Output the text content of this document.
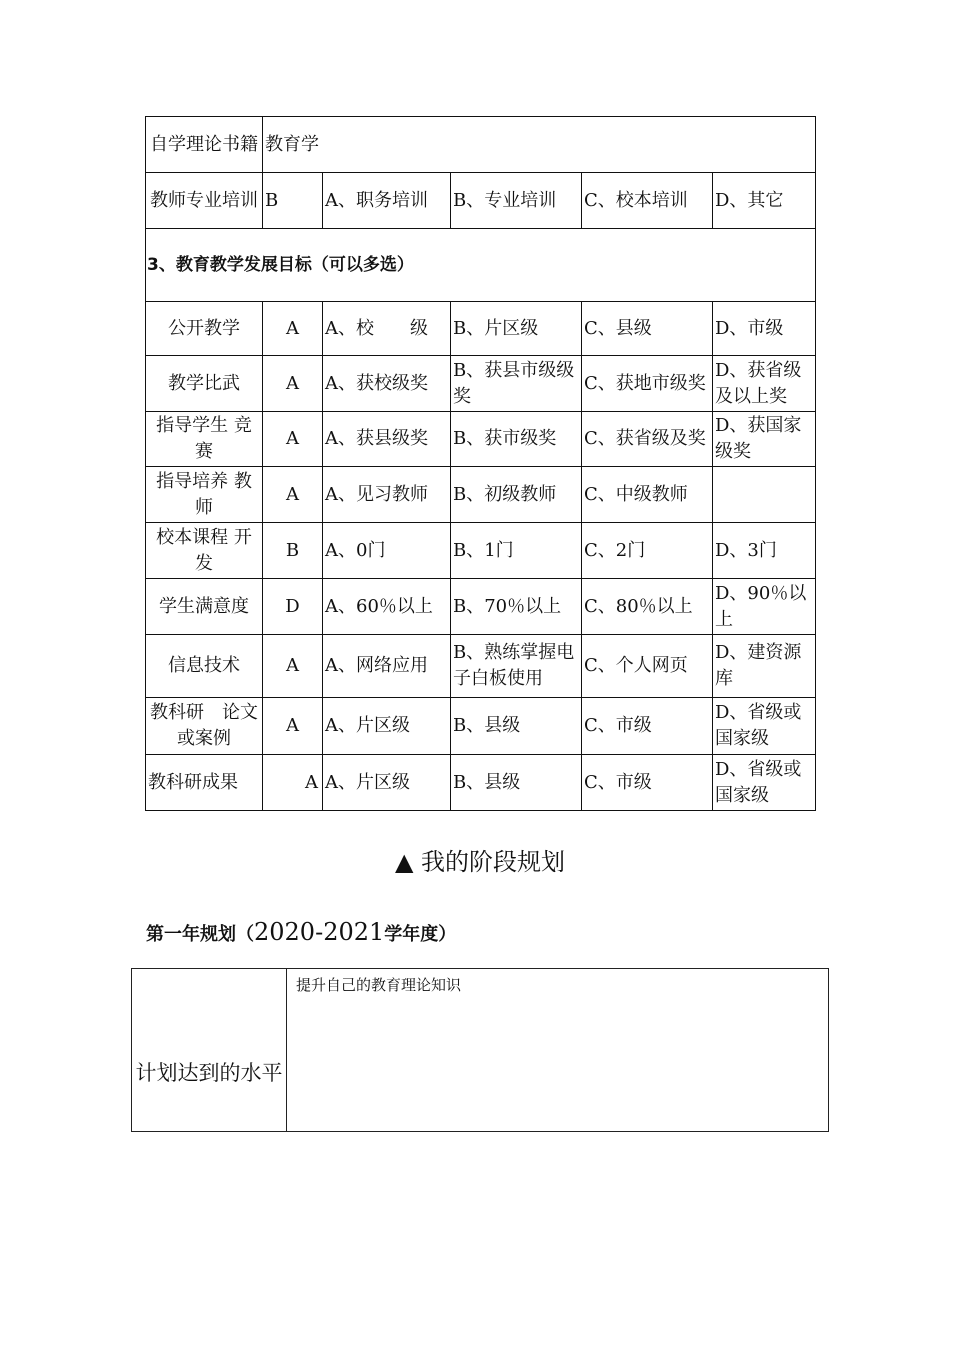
自学理论书籍	教育学				
教师专业培训	B	A、职务培训	B、专业培训	C、校本培训	D、其它
3、教育教学发展目标（可以多选）					
公开教学	A	A、校　　级	B、片区级	C、县级	D、市级
教学比武	A	A、获校级奖	B、获县市级级奖	C、获地市级奖	D、获省级及以上奖
指导学生 竞赛	A	A、获县级奖	B、获市级奖	C、获省级及奖	D、获国家级奖
指导培养 教师	A	A、见习教师	B、初级教师	C、中级教师	
校本课程 开发	B	A、0门	B、1门	C、2门	D、3门
学生满意度	D	A、60％以上	B、70％以上	C、80％以上	D、90％以上
信息技术	A	A、网络应用	B、熟练掌握电子白板使用	C、个人网页	D、建资源库
教科研　论文或案例	A	A、片区级	B、县级	C、市级	D、省级或国家级
教科研成果	A	A、片区级	B、县级	C、市级	D、省级或国家级
▲ 我的阶段规划
第一年规划（2020-2021学年度）
计划达到的水平	提升自己的教育理论知识
